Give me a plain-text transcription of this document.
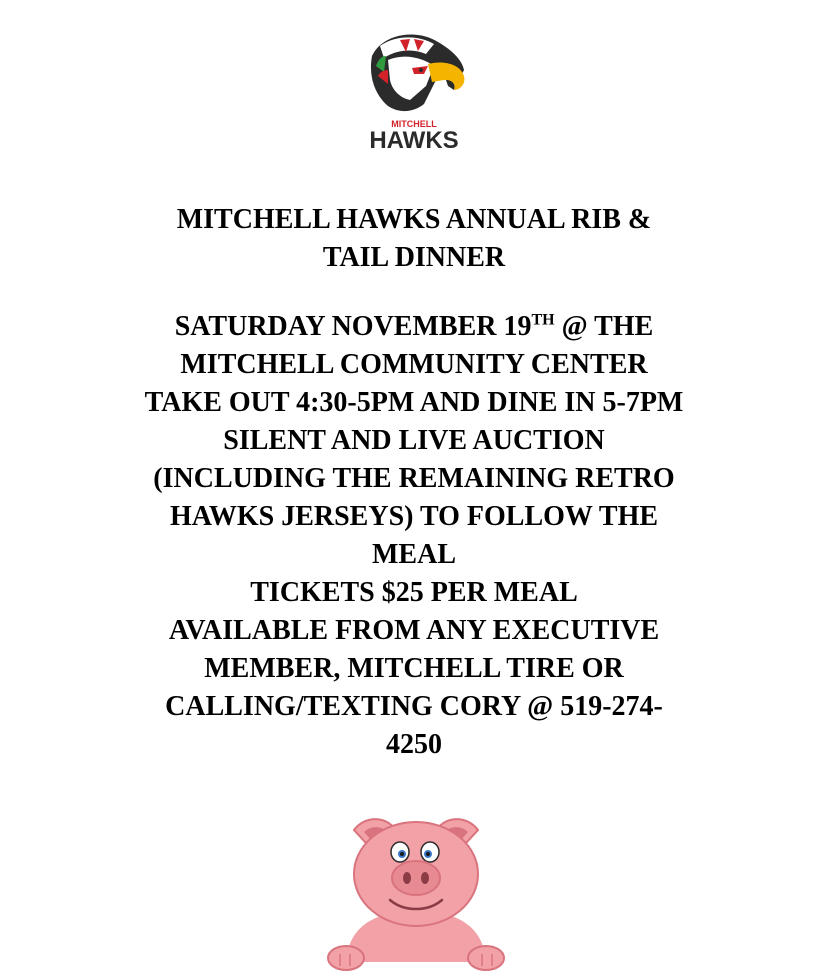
MITCHELL
HAWKS
MITCHELL HAWKS ANNUAL RIB &
TAIL DINNER
SATURDAY NOVEMBER 19TH @ THE
MITCHELL COMMUNITY CENTER
TAKE OUT 4:30-5PM AND DINE IN 5-7PM
SILENT AND LIVE AUCTION
(INCLUDING THE REMAINING RETRO
HAWKS JERSEYS) TO FOLLOW THE
MEAL
TICKETS $25 PER MEAL
AVAILABLE FROM ANY EXECUTIVE
MEMBER, MITCHELL TIRE OR
CALLING/TEXTING CORY @ 519-274-
4250
